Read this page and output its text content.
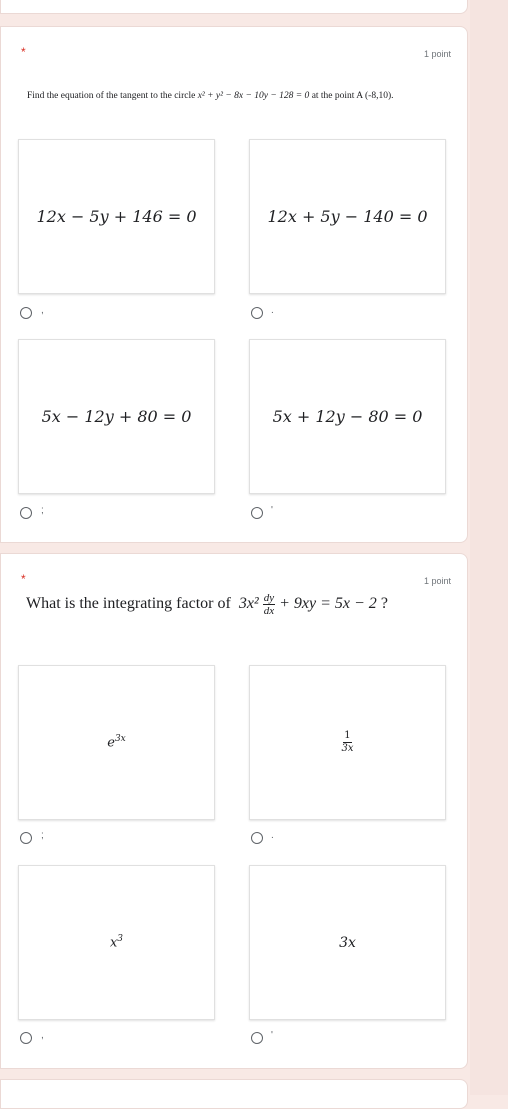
*	1 point
Find the equation of the tangent to the circle x² + y² − 8x − 10y − 128 = 0 at the point A (-8,10).
12x − 5y + 146 = 0	12x + 5y − 140 = 0
,	.
5x − 12y + 80 = 0	5x + 12y − 80 = 0
;	'
*	1 point
What is the integrating factor of $3x^2 \frac{dy}{dx} + 9xy = 5x - 2$ ?
$e^{3x}$	$\frac{1}{3x}$
;	.
$x^3$	3x
,	'
